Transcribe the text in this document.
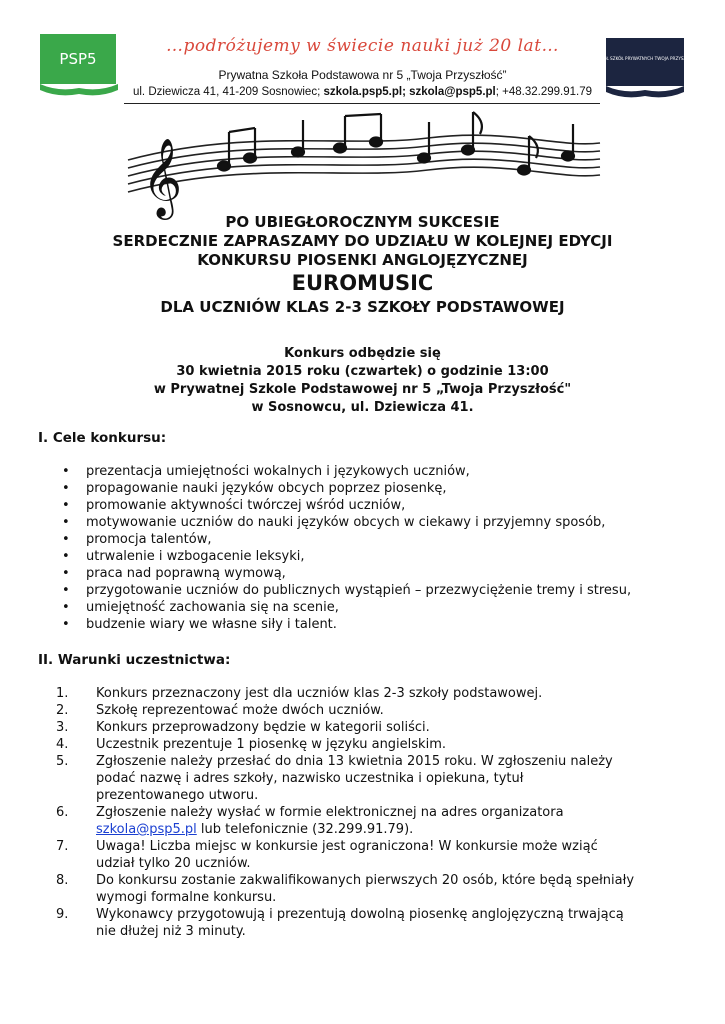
PSP5	ZESPÓŁ SZKÓŁ PRYWATNYCH TWOJA PRZYSZŁOŚĆ
…podróżujemy w świecie nauki już 20 lat…
Prywatna Szkoła Podstawowa nr 5 „Twoja Przyszłość”
ul. Dziewicza 41, 41-209 Sosnowiec; szkola.psp5.pl; szkola@psp5.pl; +48.32.299.91.79
𝄞
PO UBIEGŁOROCZNYM SUKCESIE
SERDECZNIE ZAPRASZAMY DO UDZIAŁU W KOLEJNEJ EDYCJI
KONKURSU PIOSENKI ANGLOJĘZYCZNEJ
EUROMUSIC
DLA UCZNIÓW KLAS 2-3 SZKOŁY PODSTAWOWEJ
Konkurs odbędzie się
30 kwietnia 2015 roku (czwartek) o godzinie 13:00
w Prywatnej Szkole Podstawowej nr 5 „Twoja Przyszłość"
w Sosnowcu, ul. Dziewicza 41.
I. Cele konkursu:
• prezentacja umiejętności wokalnych i językowych uczniów,
• propagowanie nauki języków obcych poprzez piosenkę,
• promowanie aktywności twórczej wśród uczniów,
• motywowanie uczniów do nauki języków obcych w ciekawy i przyjemny sposób,
• promocja talentów,
• utrwalenie i wzbogacenie leksyki,
• praca nad poprawną wymową,
• przygotowanie uczniów do publicznych wystąpień – przezwyciężenie tremy i stresu,
• umiejętność zachowania się na scenie,
• budzenie wiary we własne siły i talent.
II. Warunki uczestnictwa:
1.	Konkurs przeznaczony jest dla uczniów klas 2-3 szkoły podstawowej.
2.	Szkołę reprezentować może dwóch uczniów.
3.	Konkurs przeprowadzony będzie w kategorii soliści.
4.	Uczestnik prezentuje 1 piosenkę w języku angielskim.
5.	Zgłoszenie należy przesłać do dnia 13 kwietnia 2015 roku. W zgłoszeniu należy
podać nazwę i adres szkoły, nazwisko uczestnika i opiekuna, tytuł
prezentowanego utworu.
6.	Zgłoszenie należy wysłać w formie elektronicznej na adres organizatora
szkola@psp5.pl lub telefonicznie (32.299.91.79).
7.	Uwaga! Liczba miejsc w konkursie jest ograniczona! W konkursie może wziąć
udział tylko 20 uczniów.
8.	Do konkursu zostanie zakwalifikowanych pierwszych 20 osób, które będą spełniały
wymogi formalne konkursu.
9.	Wykonawcy przygotowują i prezentują dowolną piosenkę anglojęzyczną trwającą
nie dłużej niż 3 minuty.
